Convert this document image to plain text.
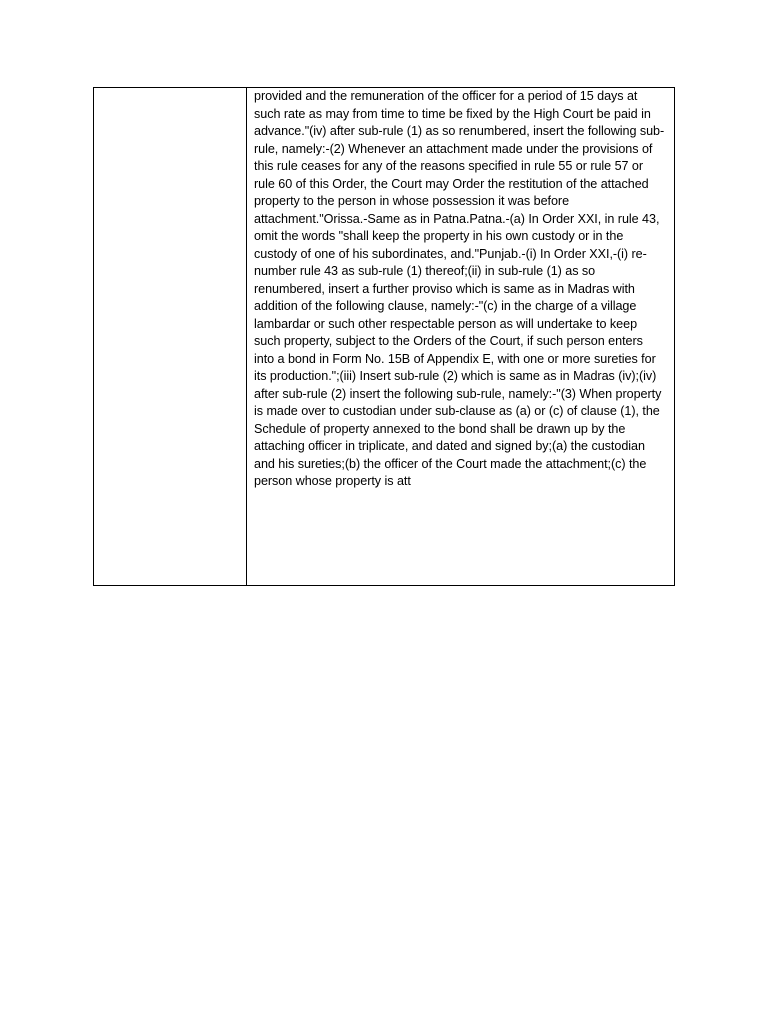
provided and the remuneration of the officer for a period of 15 days at such rate as may from time to time be fixed by the High Court be paid in advance."(iv) after sub-rule (1) as so renumbered, insert the following sub-rule, namely:-(2) Whenever an attachment made under the provisions of this rule ceases for any of the reasons specified in rule 55 or rule 57 or rule 60 of this Order, the Court may Order the restitution of the attached property to the person in whose possession it was before attachment."Orissa.-Same as in Patna.Patna.-(a) In Order XXI, in rule 43, omit the words "shall keep the property in his own custody or in the custody of one of his subordinates, and."Punjab.-(i) In Order XXI,-(i) re-number rule 43 as sub-rule (1) thereof;(ii) in sub-rule (1) as so renumbered, insert a further proviso which is same as in Madras with addition of the following clause, namely:-"(c) in the charge of a village lambardar or such other respectable person as will undertake to keep such property, subject to the Orders of the Court, if such person enters into a bond in Form No. 15B of Appendix E, with one or more sureties for its production.";(iii) Insert sub-rule (2) which is same as in Madras (iv);(iv) after sub-rule (2) insert the following sub-rule, namely:-"(3) When property is made over to custodian under sub-clause as (a) or (c) of clause (1), the Schedule of property annexed to the bond shall be drawn up by the attaching officer in triplicate, and dated and signed by;(a) the custodian and his sureties;(b) the officer of the Court made the attachment;(c) the person whose property is att
